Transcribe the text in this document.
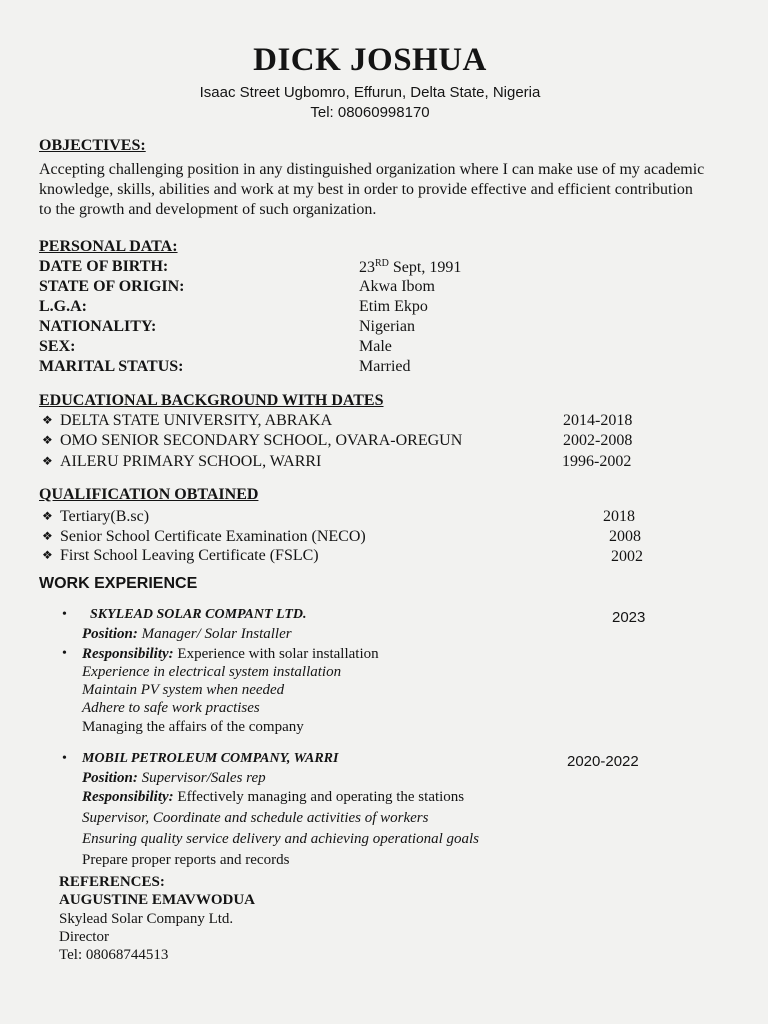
DICK JOSHUA
Isaac Street Ugbomro, Effurun, Delta State, Nigeria
Tel: 08060998170
OBJECTIVES:
Accepting challenging position in any distinguished organization where I can make use of my academic knowledge, skills, abilities and work at my best in order to provide effective and efficient contribution to the growth and development of such organization.
PERSONAL DATA:
DATE OF BIRTH:	23RD Sept, 1991
STATE OF ORIGIN:	Akwa Ibom
L.G.A:	Etim Ekpo
NATIONALITY:	Nigerian
SEX:	Male
MARITAL STATUS:	Married
EDUCATIONAL BACKGROUND WITH DATES
❖ DELTA STATE UNIVERSITY, ABRAKA	2014-2018
❖ OMO SENIOR SECONDARY SCHOOL, OVARA-OREGUN	2002-2008
❖ AILERU PRIMARY SCHOOL, WARRI	1996-2002
QUALIFICATION OBTAINED
❖ Tertiary(B.sc)	2018
❖ Senior School Certificate Examination (NECO)	2008
❖ First School Leaving Certificate (FSLC)	2002
WORK EXPERIENCE
• SKYLEAD SOLAR COMPANT LTD.	2023
Position: Manager/ Solar Installer
• Responsibility: Experience with solar installation
Experience in electrical system installation
Maintain PV system when needed
Adhere to safe work practises
Managing the affairs of the company
• MOBIL PETROLEUM COMPANY, WARRI	2020-2022
Position: Supervisor/Sales rep
Responsibility: Effectively managing and operating the stations
Supervisor, Coordinate and schedule activities of workers
Ensuring quality service delivery and achieving operational goals
Prepare proper reports and records
REFERENCES:
AUGUSTINE EMAVWODUA
Skylead Solar Company Ltd.
Director
Tel: 08068744513
